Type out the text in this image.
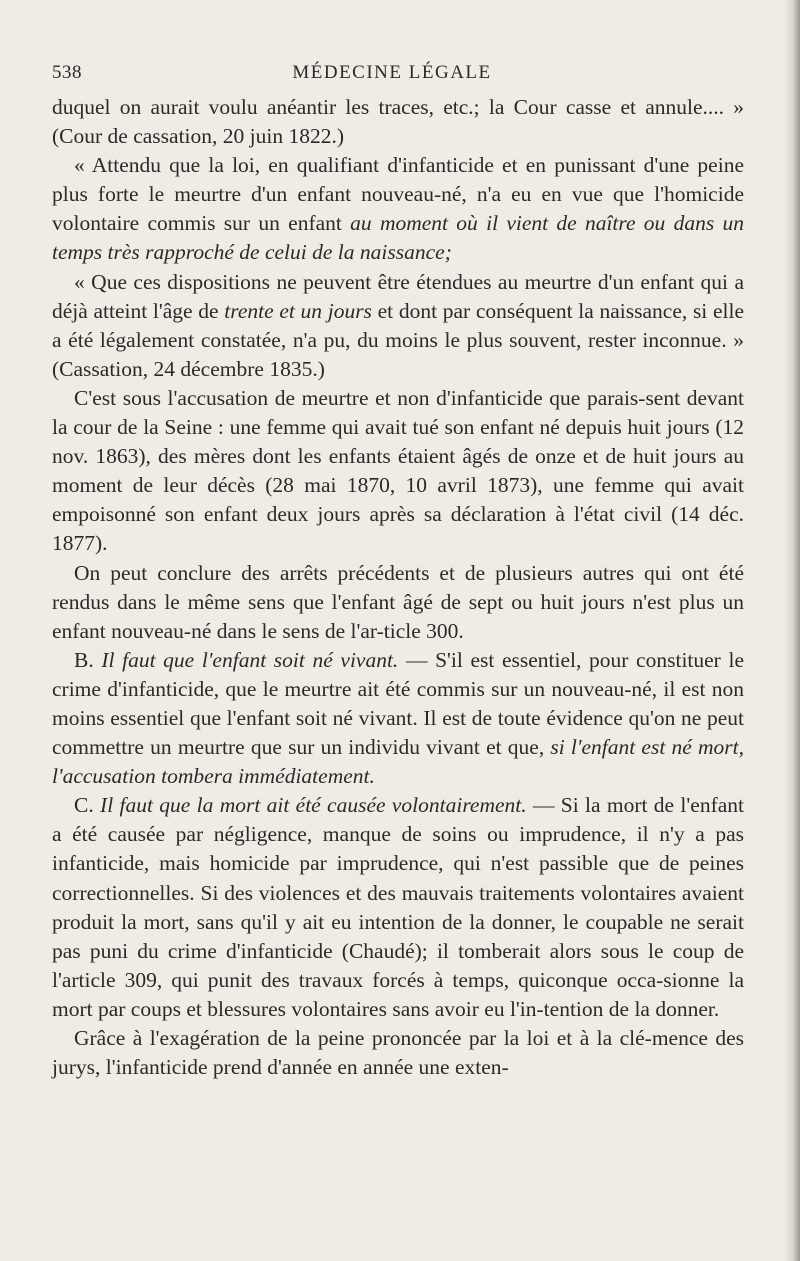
538	MÉDECINE LÉGALE

duquel on aurait voulu anéantir les traces, etc.; la Cour casse et annule.... » (Cour de cassation, 20 juin 1822.)

« Attendu que la loi, en qualifiant d'infanticide et en punissant d'une peine plus forte le meurtre d'un enfant nouveau-né, n'a eu en vue que l'homicide volontaire commis sur un enfant au moment où il vient de naître ou dans un temps très rapproché de celui de la naissance;

« Que ces dispositions ne peuvent être étendues au meurtre d'un enfant qui a déjà atteint l'âge de trente et un jours et dont par conséquent la naissance, si elle a été légalement constatée, n'a pu, du moins le plus souvent, rester inconnue. » (Cassation, 24 décembre 1835.)

C'est sous l'accusation de meurtre et non d'infanticide que parais-sent devant la cour de la Seine : une femme qui avait tué son enfant né depuis huit jours (12 nov. 1863), des mères dont les enfants étaient âgés de onze et de huit jours au moment de leur décès (28 mai 1870, 10 avril 1873), une femme qui avait empoisonné son enfant deux jours après sa déclaration à l'état civil (14 déc. 1877).

On peut conclure des arrêts précédents et de plusieurs autres qui ont été rendus dans le même sens que l'enfant âgé de sept ou huit jours n'est plus un enfant nouveau-né dans le sens de l'ar-ticle 300.

B. Il faut que l'enfant soit né vivant. — S'il est essentiel, pour constituer le crime d'infanticide, que le meurtre ait été commis sur un nouveau-né, il est non moins essentiel que l'enfant soit né vivant. Il est de toute évidence qu'on ne peut commettre un meurtre que sur un individu vivant et que, si l'enfant est né mort, l'accusation tombera immédiatement.

C. Il faut que la mort ait été causée volontairement. — Si la mort de l'enfant a été causée par négligence, manque de soins ou imprudence, il n'y a pas infanticide, mais homicide par imprudence, qui n'est passible que de peines correctionnelles. Si des violences et des mauvais traitements volontaires avaient produit la mort, sans qu'il y ait eu intention de la donner, le coupable ne serait pas puni du crime d'infanticide (Chaudé); il tomberait alors sous le coup de l'article 309, qui punit des travaux forcés à temps, quiconque occa-sionne la mort par coups et blessures volontaires sans avoir eu l'in-tention de la donner.

Grâce à l'exagération de la peine prononcée par la loi et à la clé-mence des jurys, l'infanticide prend d'année en année une exten-
